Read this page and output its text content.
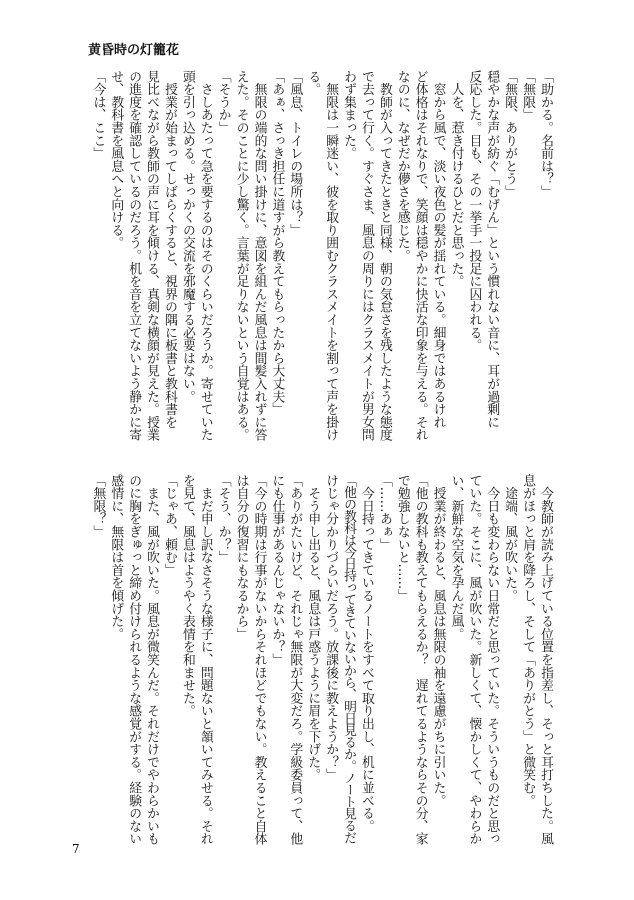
黄昏時の灯籠花
「助かる。名前は？」
「無限」
「無限、ありがとう」
穏やかな声が紡ぐ「むげん」という慣れない音に、耳が過剰に
反応した。目も、その一挙手一投足に囚われる。
　人を、惹き付けるひとだと思った。
　窓から風で、淡い夜色の髪が揺れている。細身ではあるけれ
ど体格はそれなりで、笑顔は穏やかに快活な印象を与える。それ
なのに、なぜだか儚さを感じた。
　教師が入ってきたときと同様、朝の気怠さを残したような態度
で去って行く。すぐさま、風息の周りにはクラスメイトが男女問
わず集まった。
　無限は一瞬迷い、彼を取り囲むクラスメイトを割って声を掛け
る。
「風息、トイレの場所は？」
「あぁ、さっき担任に道すがら教えてもらったから大丈夫」
　無限の端的な問い掛けに、意図を組んだ風息は間髪入れずに答
えた。そのことに少し驚く。言葉が足りないという自覚はある。
「そうか」
　さしあたって急を要するのはそのくらいだろうか。寄せていた
頭を引っ込める。せっかくの交流を邪魔する必要はない。
　授業が始まってしばらくすると、視界の隅に板書と教科書を
見比べながら教師の声に耳を傾ける、真剣な横顔が見えた。授業
の進度を確認しているのだろう。机を音を立てないよう静かに寄
せ、教科書を風息へと向ける。
「今は、ここ」
　今教師が読み上げている位置を指差し、そっと耳打ちした。風
息がほっと肩を降ろし、そして「ありがとう」と微笑む。
　途端、風が吹いた。
　今日も変わらない日常だと思っていた。そういうものだと思っ
ていた。そこに、風が吹いた。新しくて、懐かしくて、やわらか
い、新鮮な空気を孕んだ風。
　授業が終わると、風息は無限の袖を遠慮がちに引いた。
「他の教科も教えてもらえるか？　遅れてるようならその分、家
で勉強しないと……」
「……あぁ」
　今日持ってきているノートをすべて取り出し、机に並べる。
「他の教科は今日持ってきていないから、明日見るか。ノート見るだ
けじゃ分かりづらいだろう。放課後に教えようか？」
　そう申し出ると、風息は戸惑うように眉を下げた。
「ありがたいけど、それじゃ無限が大変だろ。学級委員って、他
にも仕事があるんじゃないか？」
「今の時期は行事がないからそれほどでもない。教えること自体
は自分の復習にもなるから」
「そう、か？」
　まだ申し訳なさそうな様子に、問題ないと頷いてみせる。それ
を見て、風息はようやく表情を和ませた。
「じゃあ、頼む」
　また、風が吹いた。風息が微笑んだ。それだけでやわらかいも
のに胸をぎゅっと締め付けられるような感覚がする。経験のない
感情に、無限は首を傾げた。
「無限？」
7
